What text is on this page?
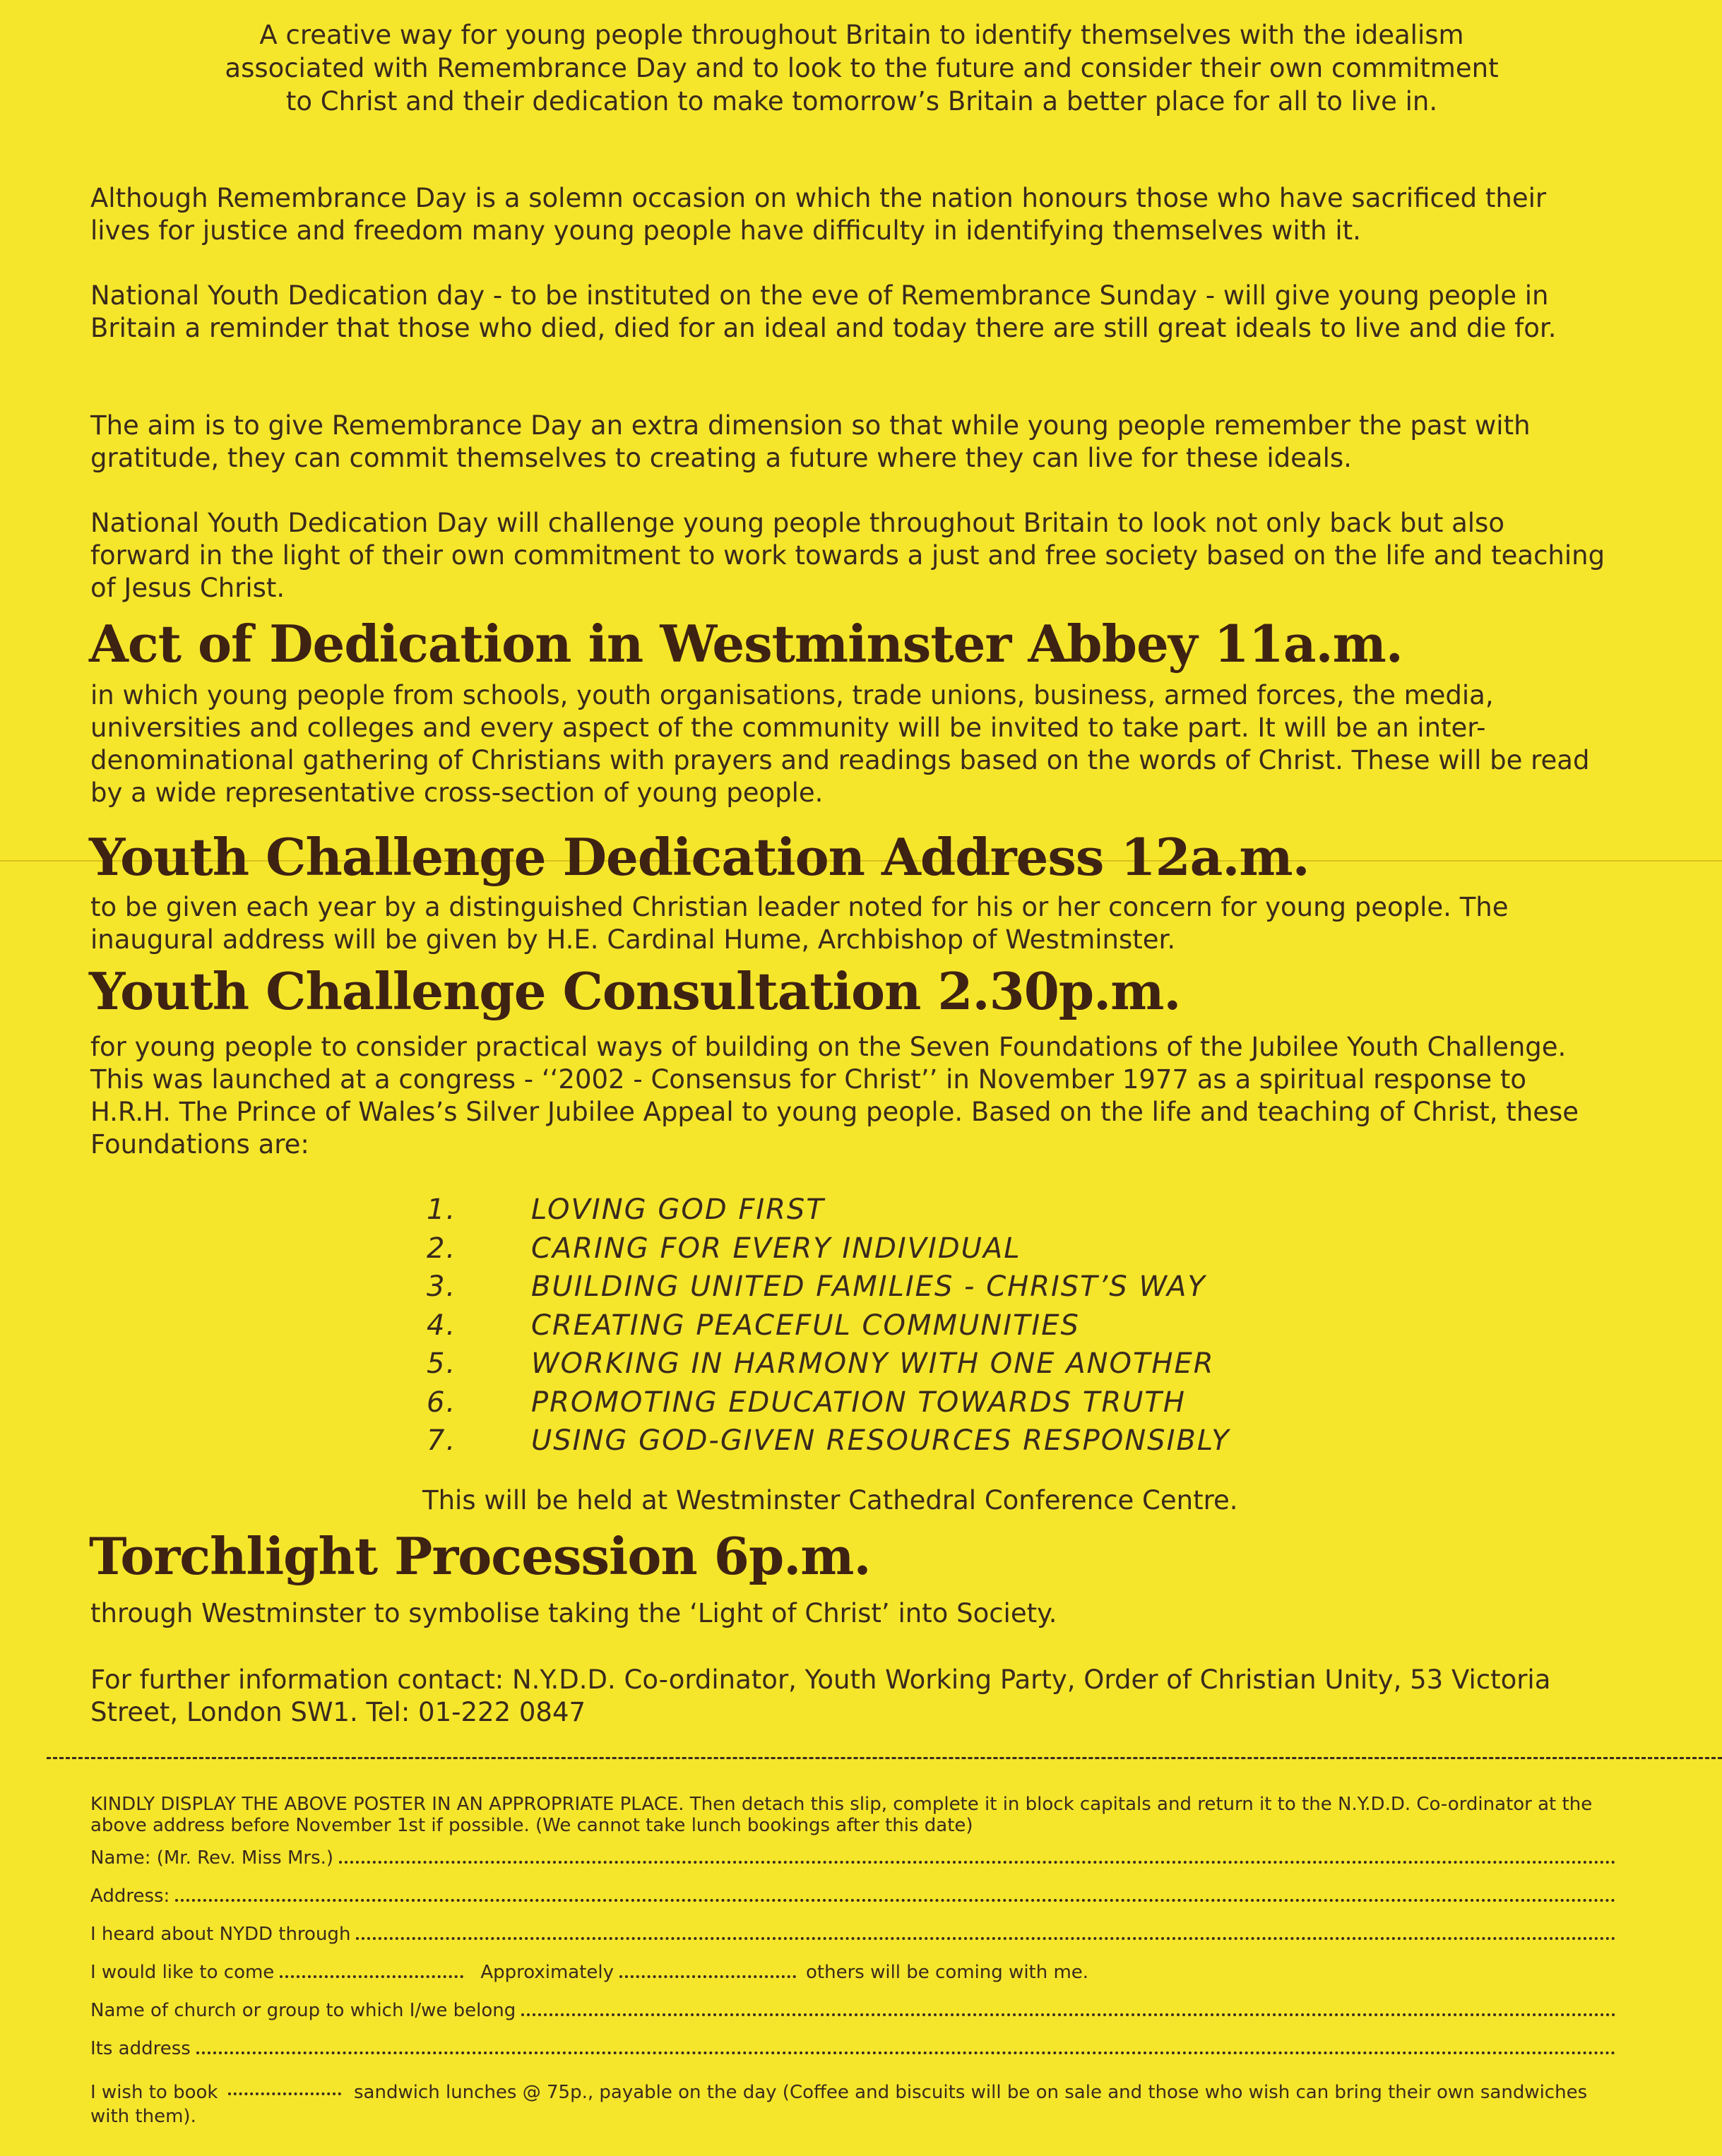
A creative way for young people throughout Britain to identify themselves with the idealism associated with Remembrance Day and to look to the future and consider their own commitment to Christ and their dedication to make tomorrow’s Britain a better place for all to live in.

Although Remembrance Day is a solemn occasion on which the nation honours those who have sacrificed their lives for justice and freedom many young people have difficulty in identifying themselves with it.

National Youth Dedication day - to be instituted on the eve of Remembrance Sunday - will give young people in Britain a reminder that those who died, died for an ideal and today there are still great ideals to live and die for.

The aim is to give Remembrance Day an extra dimension so that while young people remember the past with gratitude, they can commit themselves to creating a future where they can live for these ideals.

National Youth Dedication Day will challenge young people throughout Britain to look not only back but also forward in the light of their own commitment to work towards a just and free society based on the life and teaching of Jesus Christ.

Act of Dedication in Westminster Abbey 11a.m.

in which young people from schools, youth organisations, trade unions, business, armed forces, the media, universities and colleges and every aspect of the community will be invited to take part. It will be an inter-denominational gathering of Christians with prayers and readings based on the words of Christ. These will be read by a wide representative cross-section of young people.

Youth Challenge Dedication Address 12a.m.

to be given each year by a distinguished Christian leader noted for his or her concern for young people. The inaugural address will be given by H.E. Cardinal Hume, Archbishop of Westminster.

Youth Challenge Consultation 2.30p.m.

for young people to consider practical ways of building on the Seven Foundations of the Jubilee Youth Challenge. This was launched at a congress - ‘‘2002 - Consensus for Christ’’ in November 1977 as a spiritual response to H.R.H. The Prince of Wales’s Silver Jubilee Appeal to young people. Based on the life and teaching of Christ, these Foundations are:

1.	LOVING GOD FIRST
2.	CARING FOR EVERY INDIVIDUAL
3.	BUILDING UNITED FAMILIES - CHRIST’S WAY
4.	CREATING PEACEFUL COMMUNITIES
5.	WORKING IN HARMONY WITH ONE ANOTHER
6.	PROMOTING EDUCATION TOWARDS TRUTH
7.	USING GOD-GIVEN RESOURCES RESPONSIBLY
This will be held at Westminster Cathedral Conference Centre.
Torchlight Procession 6p.m.

through Westminster to symbolise taking the ‘Light of Christ’ into Society.

For further information contact: N.Y.D.D. Co-ordinator, Youth Working Party, Order of Christian Unity, 53 Victoria Street, London SW1. Tel: 01-222 0847

KINDLY DISPLAY THE ABOVE POSTER IN AN APPROPRIATE PLACE. Then detach this slip, complete it in block capitals and return it to the N.Y.D.D. Co-ordinator at the above address before November 1st if possible. (We cannot take lunch bookings after this date)

Name: (Mr. Rev. Miss Mrs.)
Address:
I heard about NYDD through
I would like to come	Approximately	others will be coming with me.
Name of church or group to which I/we belong
Its address
I wish to book	sandwich lunches @ 75p., payable on the day (Coffee and biscuits will be on sale and those who wish can bring their own sandwiches with them).
